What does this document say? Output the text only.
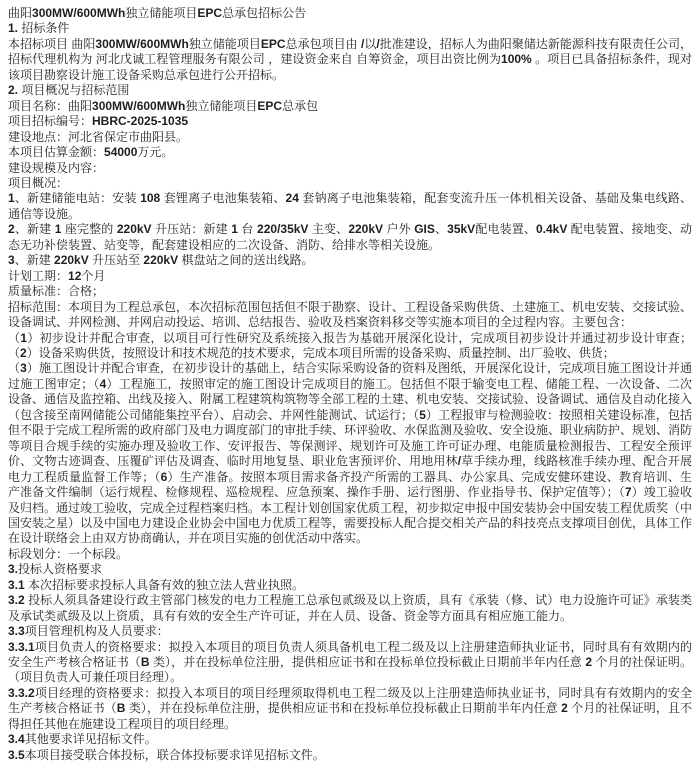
曲阳300MW/600MWh独立储能项目EPC总承包招标公告

1. 招标条件

本招标项目 曲阳300MW/600MWh独立储能项目EPC总承包项目由 /以/批准建设，招标人为曲阳聚储达新能源科技有限责任公司，招标代理机构为 河北戊诚工程管理服务有限公司 ，建设资金来自 自筹资金，项目出资比例为100% 。项目已具备招标条件，现对该项目勘察设计施工设备采购总承包进行公开招标。

2. 项目概况与招标范围

项目名称：曲阳300MW/600MWh独立储能项目EPC总承包

项目招标编号：HBRC-2025-1035

建设地点：河北省保定市曲阳县。

本项目估算金额：54000万元。

建设规模及内容：

项目概况：

1、新建储能电站：安装 108 套锂离子电池集装箱、24 套钠离子电池集装箱，配套变流升压一体机相关设备、基础及集电线路、通信等设施。

2、新建 1 座完整的 220kV 升压站：新建 1 台 220/35kV 主变、220kV 户外 GIS、35kV配电装置、0.4kV 配电装置、接地变、动态无功补偿装置、站变等，配套建设相应的二次设备、消防、给排水等相关设施。

3、新建 220kV 升压站至 220kV 棋盘站之间的送出线路。

计划工期：12个月

质量标准：合格；

招标范围：本项目为工程总承包，本次招标范围包括但不限于勘察、设计、工程设备采购供货、土建施工、机电安装、交接试验、设备调试、并网检测、并网启动投运、培训、总结报告、验收及档案资料移交等实施本项目的全过程内容。主要包含：

（1）初步设计并配合审查，以项目可行性研究及系统接入报告为基础开展深化设计，完成项目初步设计并通过初步设计审查；（2）设备采购供货，按照设计和技术规范的技术要求，完成本项目所需的设备采购、质量控制、出厂验收、供货；

（3）施工图设计并配合审查，在初步设计的基础上，结合实际采购设备的资料及图纸，开展深化设计，完成项目施工图设计并通过施工图审定；（4）工程施工，按照审定的施工图设计完成项目的施工。包括但不限于输变电工程、储能工程、一次设备、二次设备、通信及监控箱、出线及接入、附属工程建筑构筑物等全部工程的土建、机电安装、交接试验、设备调试、通信及自动化接入（包含接至南网储能公司储能集控平台）、启动会、并网性能测试、试运行；（5）工程报审与检测验收：按照相关建设标准，包括但不限于完成工程所需的政府部门及电力调度部门的审批手续、环评验收、水保监测及验收、安全设施、职业病防护、规划、消防等项目合规手续的实施办理及验收工作、安评报告、等保测评、规划许可及施工许可证办理、电能质量检测报告、工程安全预评价、文物古迹调查、压覆矿评估及调查、临时用地复垦、职业危害预评价、用地用林/草手续办理，线路核准手续办理、配合开展电力工程质量监督工作等；（6）生产准备。按照本项目需求备齐投产所需的工器具、办公家具、完成安健环建设、教育培训、生产准备文件编制（运行规程、检修规程、巡检规程、应急预案、操作手册、运行图册、作业指导书、保护定值等）；（7）竣工验收及归档。通过竣工验收，完成全过程档案归档。本工程计划创国家优质工程，初步拟定申报中国安装协会中国安装工程优质奖（中国安装之星）以及中国电力建设企业协会中国电力优质工程等，需要投标人配合提交相关产品的科技亮点支撑项目创优，具体工作在设计联络会上由双方协商确认，并在项目实施的创优活动中落实。

标段划分：一个标段。

3.投标人资格要求

3.1 本次招标要求投标人具备有效的独立法人营业执照。

3.2 投标人须具备建设行政主管部门核发的电力工程施工总承包贰级及以上资质，具有《承装（修、试）电力设施许可证》承装类及承试类贰级及以上资质，具有有效的安全生产许可证，并在人员、设备、资金等方面具有相应施工能力。

3.3项目管理机构及人员要求：

3.3.1项目负责人的资格要求：拟投入本项目的项目负责人须具备机电工程二级及以上注册建造师执业证书，同时具有有效期内的安全生产考核合格证书（B 类），并在投标单位注册，提供相应证书和在投标单位投标截止日期前半年内任意 2 个月的社保证明。（项目负责人可兼任项目经理）。

3.3.2项目经理的资格要求：拟投入本项目的项目经理须取得机电工程二级及以上注册建造师执业证书，同时具有有效期内的安全生产考核合格证书（B 类），并在投标单位注册，提供相应证书和在投标单位投标截止日期前半年内任意 2 个月的社保证明，且不得担任其他在施建设工程项目的项目经理。

3.4其他要求详见招标文件。

3.5本项目接受联合体投标，联合体投标要求详见招标文件。
